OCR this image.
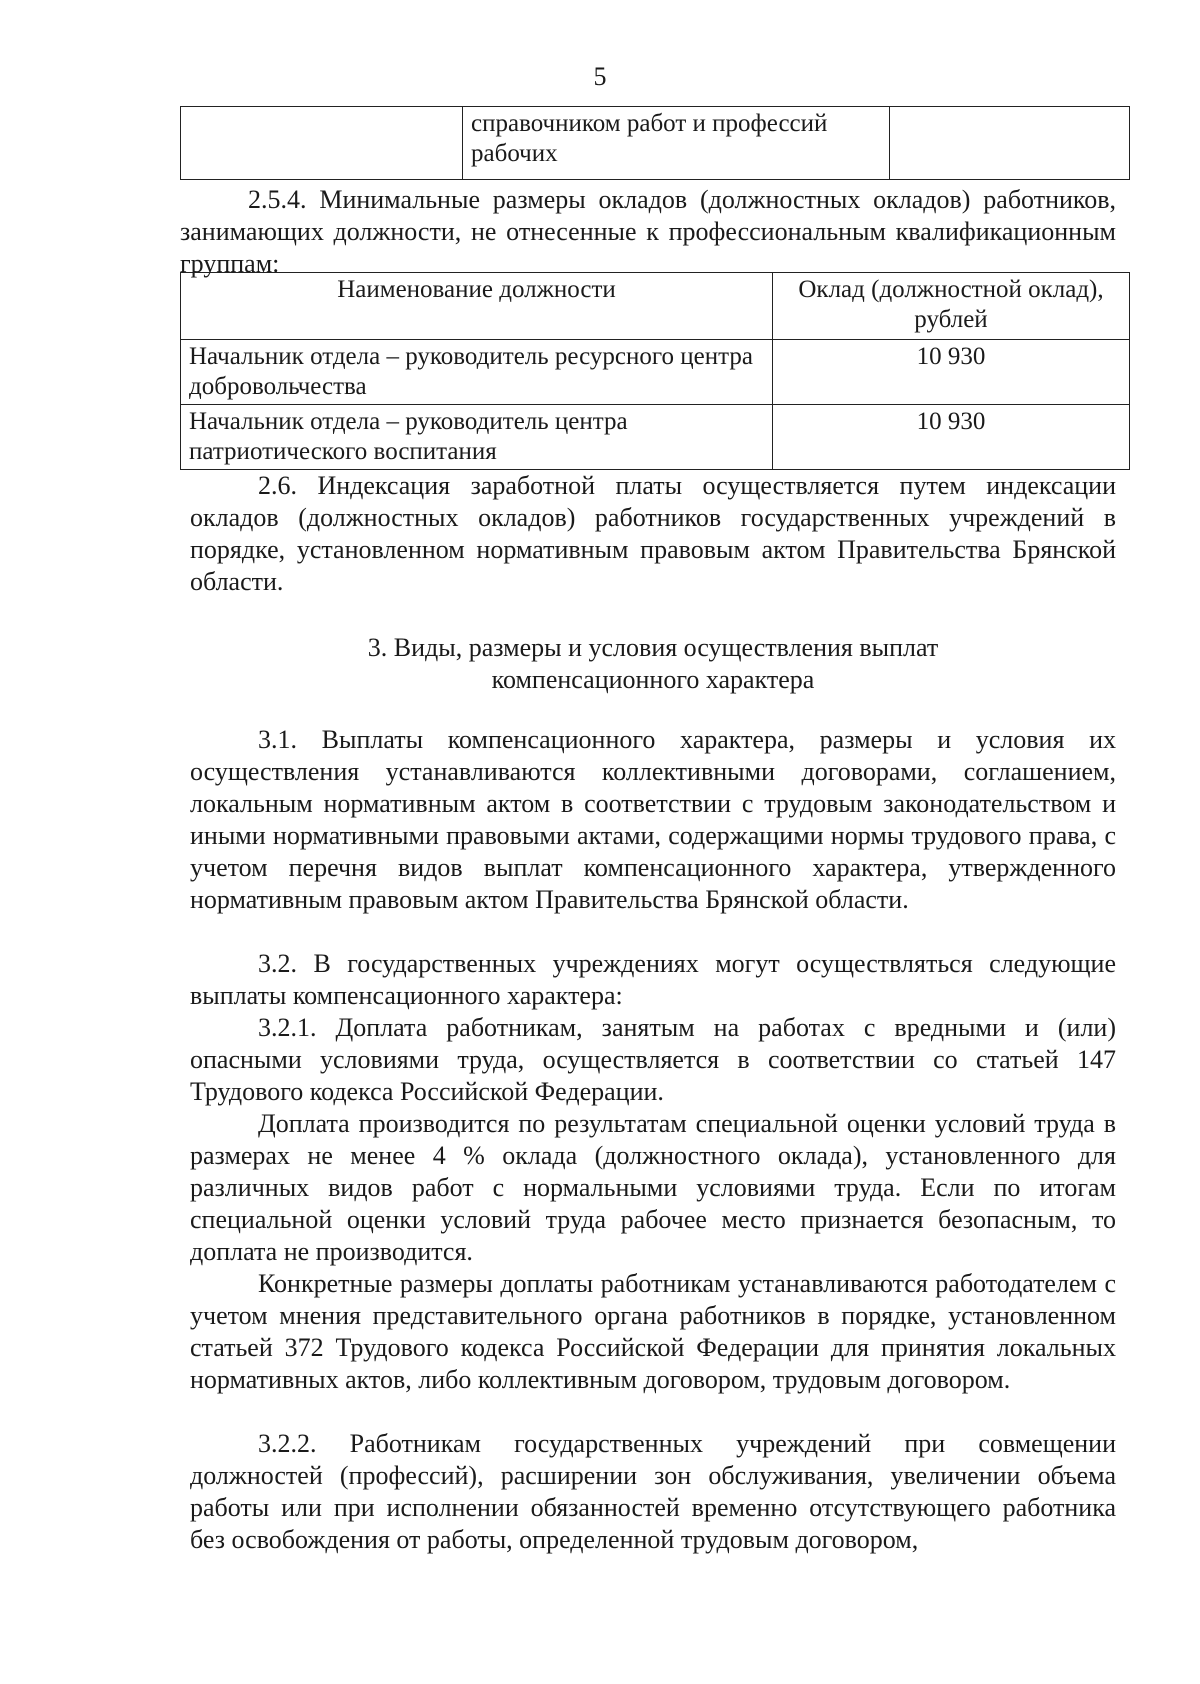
5
	справочником работ и профессий рабочих	

2.5.4. Минимальные размеры окладов (должностных окладов) работников, занимающих должности, не отнесенные к профессиональным квалификационным группам:

Наименование должности	Оклад (должностной оклад), рублей
Начальник отдела – руководитель ресурсного центра добровольчества	10 930
Начальник отдела – руководитель центра патриотического воспитания	10 930

2.6. Индексация заработной платы осуществляется путем индексации окладов (должностных окладов) работников государственных учреждений в порядке, установленном нормативным правовым актом Правительства Брянской области.

3. Виды, размеры и условия осуществления выплат

компенсационного характера

3.1. Выплаты компенсационного характера, размеры и условия их осуществления устанавливаются коллективными договорами, соглашением, локальным нормативным актом в соответствии с трудовым законодательством и иными нормативными правовыми актами, содержащими нормы трудового права, с учетом перечня видов выплат компенсационного характера, утвержденного нормативным правовым актом Правительства Брянской области.

3.2. В государственных учреждениях могут осуществляться следующие выплаты компенсационного характера:

3.2.1. Доплата работникам, занятым на работах с вредными и (или) опасными условиями труда, осуществляется в соответствии со статьей 147 Трудового кодекса Российской Федерации.

Доплата производится по результатам специальной оценки условий труда в размерах не менее 4 % оклада (должностного оклада), установленного для различных видов работ с нормальными условиями труда. Если по итогам специальной оценки условий труда рабочее место признается безопасным, то доплата не производится.

Конкретные размеры доплаты работникам устанавливаются работодателем с учетом мнения представительного органа работников в порядке, установленном статьей 372 Трудового кодекса Российской Федерации для принятия локальных нормативных актов, либо коллективным договором, трудовым договором.

3.2.2. Работникам государственных учреждений при совмещении должностей (профессий), расширении зон обслуживания, увеличении объема работы или при исполнении обязанностей временно отсутствующего работника без освобождения от работы, определенной трудовым договором,
